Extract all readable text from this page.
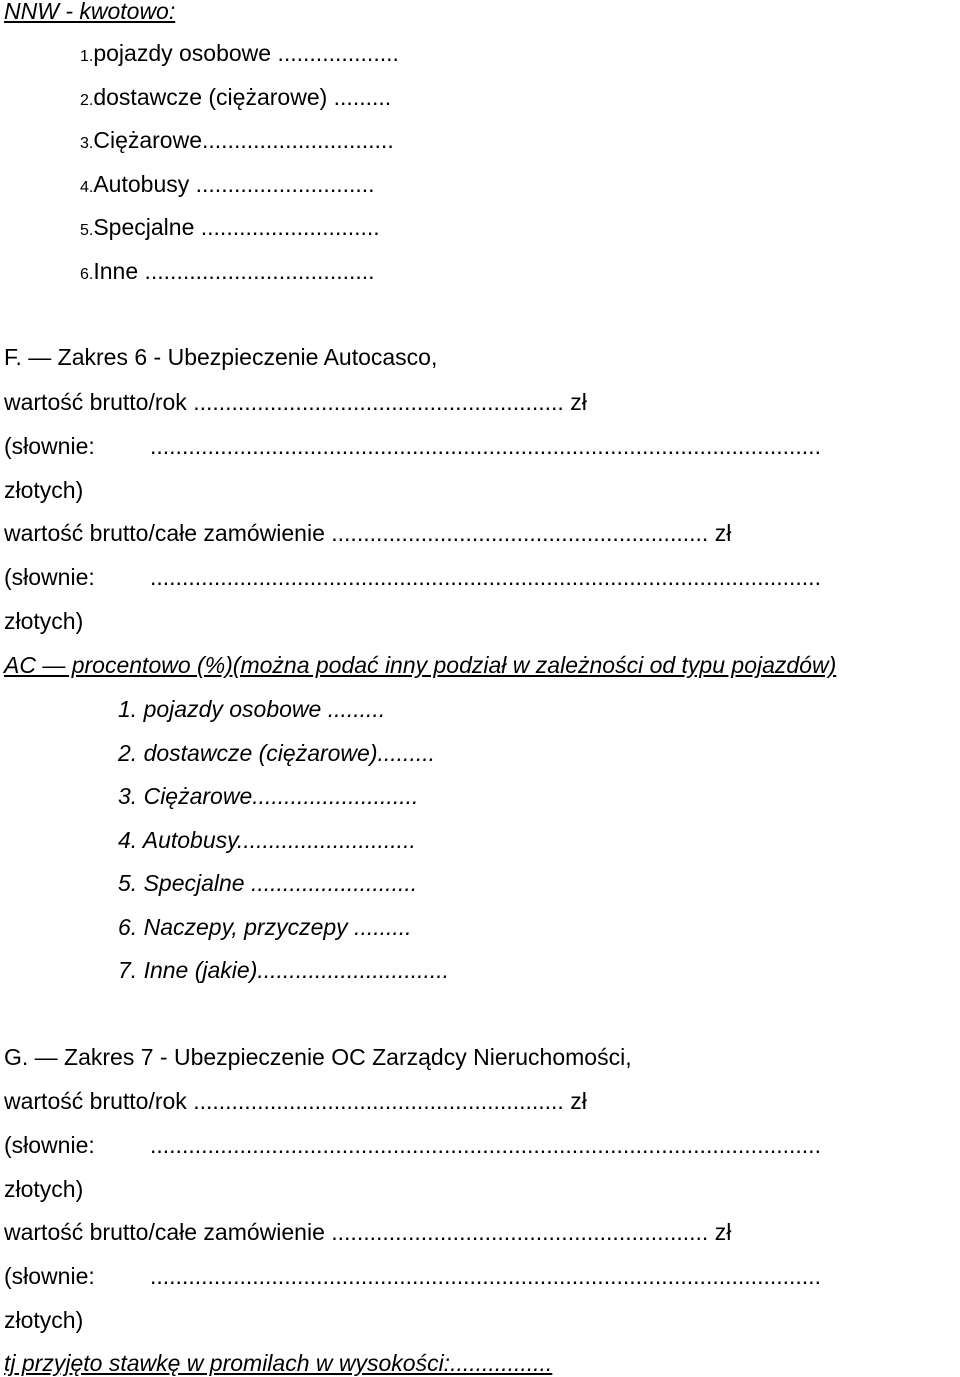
NNW - kwotowo:
1.pojazdy osobowe ...................
2.dostawcze (ciężarowe) .........
3.Ciężarowe..............................
4.Autobusy ............................
5.Specjalne ............................
6.Inne ....................................
F. — Zakres 6 - Ubezpieczenie Autocasco,
wartość brutto/rok .......................................................... zł
(słownie: .........................................................................................................
złotych)
wartość brutto/całe zamówienie ........................................................... zł
(słownie: .........................................................................................................
złotych)
AC — procentowo (%)(można podać inny podział w zależności od typu pojazdów)
1. pojazdy osobowe .........
2. dostawcze (ciężarowe).........
3. Ciężarowe..........................
4. Autobusy............................
5. Specjalne ..........................
6. Naczepy, przyczepy .........
7. Inne (jakie)..............................
G. — Zakres 7 - Ubezpieczenie OC Zarządcy Nieruchomości,
wartość brutto/rok .......................................................... zł
(słownie: .........................................................................................................
złotych)
wartość brutto/całe zamówienie ........................................................... zł
(słownie: .........................................................................................................
złotych)
tj przyjęto stawkę w promilach w wysokości:................
